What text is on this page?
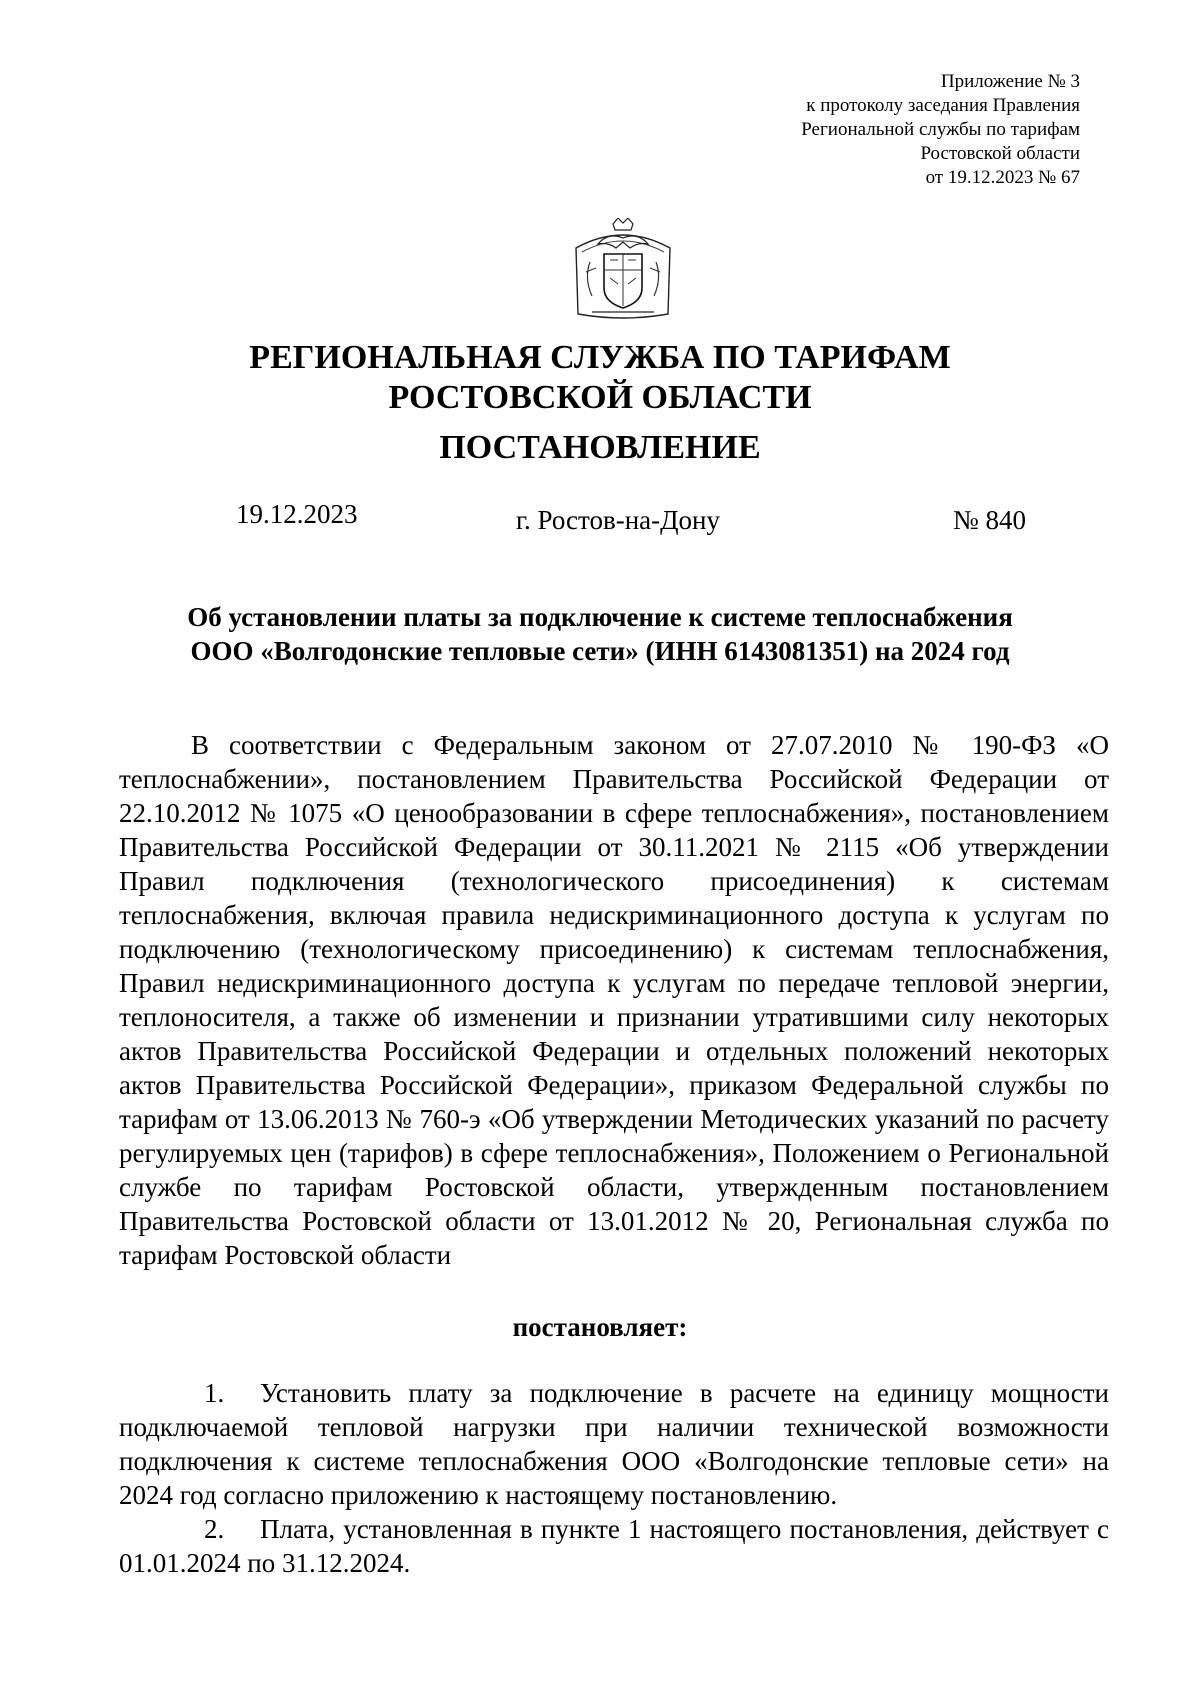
Приложение № 3
к протоколу заседания Правления
Региональной службы по тарифам
Ростовской области
от 19.12.2023 № 67
РЕГИОНАЛЬНАЯ СЛУЖБА ПО ТАРИФАМ
РОСТОВСКОЙ ОБЛАСТИ
ПОСТАНОВЛЕНИЕ
19.12.2023	г. Ростов-на-Дону	№ 840
Об установлении платы за подключение к системе теплоснабжения
ООО «Волгодонские тепловые сети» (ИНН 6143081351) на 2024 год
В соответствии с Федеральным законом от 27.07.2010 № 190-ФЗ «О теплоснабжении», постановлением Правительства Российской Федерации от 22.10.2012 № 1075 «О ценообразовании в сфере теплоснабжения», постановлением Правительства Российской Федерации от 30.11.2021 № 2115 «Об утверждении Правил подключения (технологического присоединения) к системам теплоснабжения, включая правила недискриминационного доступа к услугам по подключению (технологическому присоединению) к системам теплоснабжения, Правил недискриминационного доступа к услугам по передаче тепловой энергии, теплоносителя, а также об изменении и признании утратившими силу некоторых актов Правительства Российской Федерации и отдельных положений некоторых актов Правительства Российской Федерации», приказом Федеральной службы по тарифам от 13.06.2013 № 760-э «Об утверждении Методических указаний по расчету регулируемых цен (тарифов) в сфере теплоснабжения», Положением о Региональной службе по тарифам Ростовской области, утвержденным постановлением Правительства Ростовской области от 13.01.2012 № 20, Региональная служба по тарифам Ростовской области
постановляет:
1. Установить плату за подключение в расчете на единицу мощности подключаемой тепловой нагрузки при наличии технической возможности подключения к системе теплоснабжения ООО «Волгодонские тепловые сети» на 2024 год согласно приложению к настоящему постановлению.
2. Плата, установленная в пункте 1 настоящего постановления, действует с 01.01.2024 по 31.12.2024.
